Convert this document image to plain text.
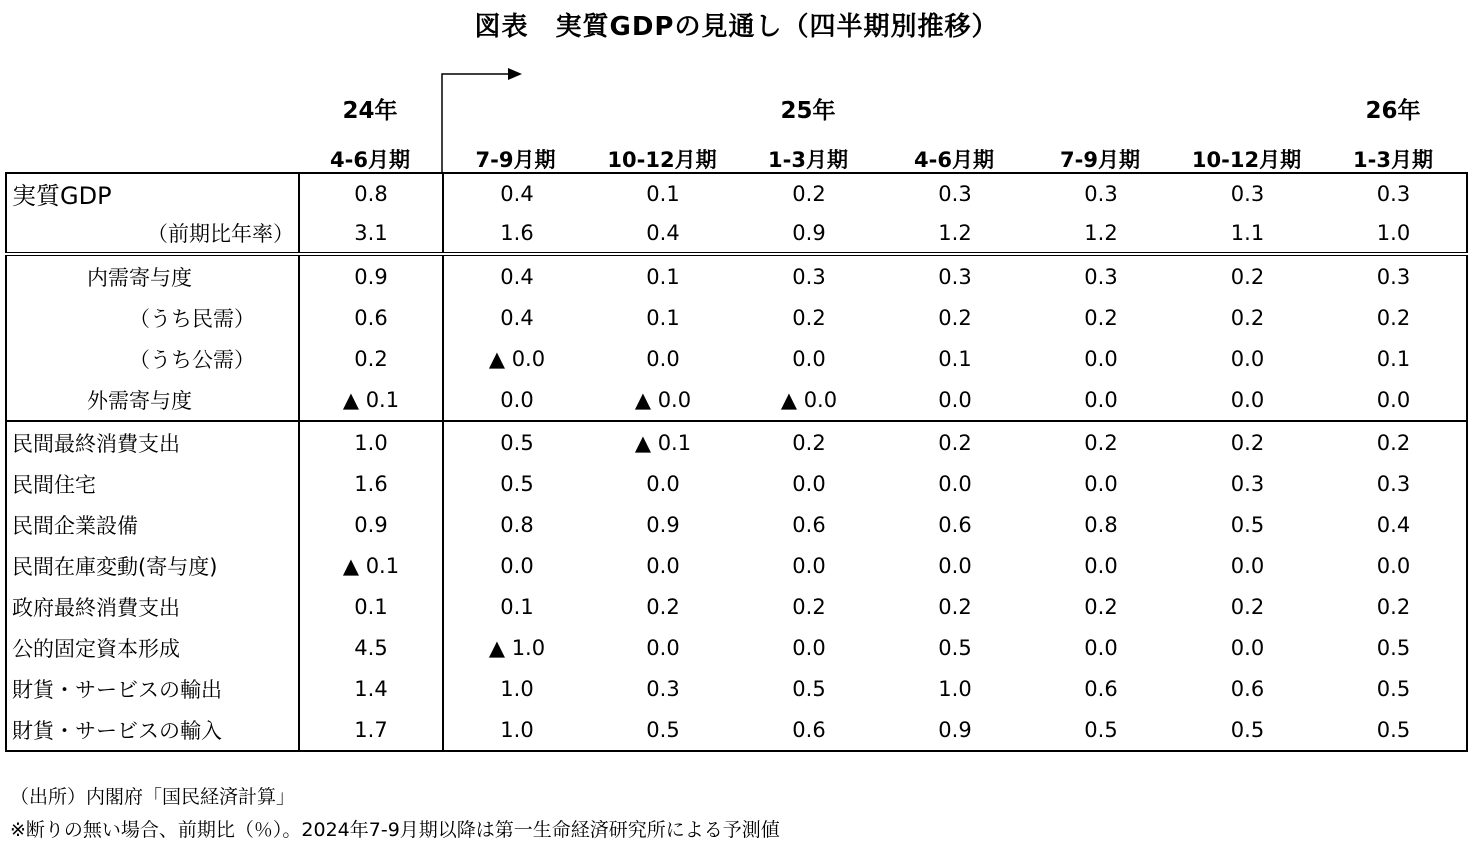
図表　実質GDPの見通し（四半期別推移）
24年	25年	26年
4-6月期	7-9月期	10-12月期	1-3月期	4-6月期	7-9月期	10-12月期	1-3月期
実質GDP	0.8	0.4	0.1	0.2	0.3	0.3	0.3	0.3
（前期比年率）	3.1	1.6	0.4	0.9	1.2	1.2	1.1	1.0
内需寄与度	0.9	0.4	0.1	0.3	0.3	0.3	0.2	0.3
（うち民需）	0.6	0.4	0.1	0.2	0.2	0.2	0.2	0.2
（うち公需）	0.2	▲ 0.0	0.0	0.0	0.1	0.0	0.0	0.1
外需寄与度	▲ 0.1	0.0	▲ 0.0	▲ 0.0	0.0	0.0	0.0	0.0
民間最終消費支出	1.0	0.5	▲ 0.1	0.2	0.2	0.2	0.2	0.2
民間住宅	1.6	0.5	0.0	0.0	0.0	0.0	0.3	0.3
民間企業設備	0.9	0.8	0.9	0.6	0.6	0.8	0.5	0.4
民間在庫変動(寄与度)	▲ 0.1	0.0	0.0	0.0	0.0	0.0	0.0	0.0
政府最終消費支出	0.1	0.1	0.2	0.2	0.2	0.2	0.2	0.2
公的固定資本形成	4.5	▲ 1.0	0.0	0.0	0.5	0.0	0.0	0.5
財貨・サービスの輸出	1.4	1.0	0.3	0.5	1.0	0.6	0.6	0.5
財貨・サービスの輸入	1.7	1.0	0.5	0.6	0.9	0.5	0.5	0.5
（出所）内閣府「国民経済計算」
※断りの無い場合、前期比（％）。2024年7-9月期以降は第一生命経済研究所による予測値
